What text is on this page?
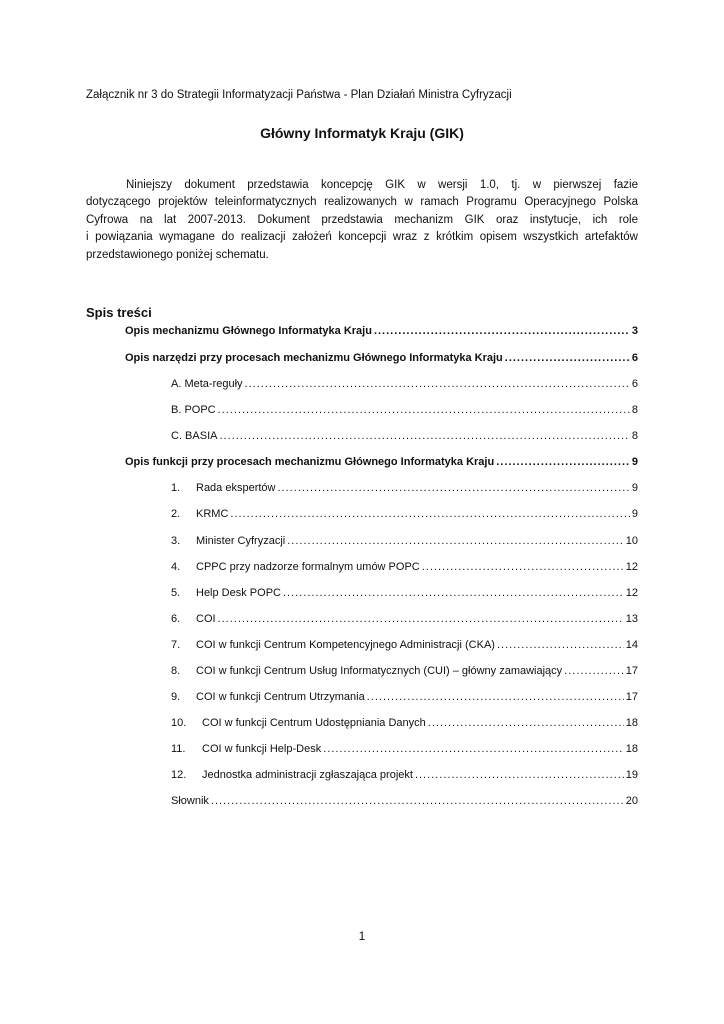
Załącznik nr 3 do Strategii Informatyzacji Państwa - Plan Działań Ministra Cyfryzacji
Główny Informatyk Kraju (GIK)
Niniejszy dokument przedstawia koncepcję GIK w wersji 1.0, tj. w pierwszej fazie
dotyczącego projektów teleinformatycznych realizowanych w ramach Programu Operacyjnego Polska
Cyfrowa na lat 2007-2013. Dokument przedstawia mechanizm GIK oraz instytucje, ich role
i powiązania wymagane do realizacji założeń koncepcji wraz z krótkim opisem wszystkich artefaktów
przedstawionego poniżej schematu.
Spis treści
Opis mechanizmu Głównego Informatyka Kraju .....	3
Opis narzędzi przy procesach mechanizmu Głównego Informatyka Kraju .....	6
A. Meta-reguły .....	6
B. POPC .....	8
C. BASIA .....	8
Opis funkcji przy procesach mechanizmu Głównego Informatyka Kraju .....	9
1.	Rada ekspertów .....	9
2.	KRMC .....	9
3.	Minister Cyfryzacji .....	10
4.	CPPC przy nadzorze formalnym umów POPC .....	12
5.	Help Desk POPC .....	12
6.	COI .....	13
7.	COI w funkcji Centrum Kompetencyjnego Administracji (CKA) .....	14
8.	COI w funkcji Centrum Usług Informatycznych (CUI) – główny zamawiający .....	17
9.	COI w funkcji Centrum Utrzymania .....	17
10.	COI w funkcji Centrum Udostępniania Danych .....	18
11.	COI w funkcji Help-Desk .....	18
12.	Jednostka administracji zgłaszająca projekt .....	19
Słownik .....	20
1
